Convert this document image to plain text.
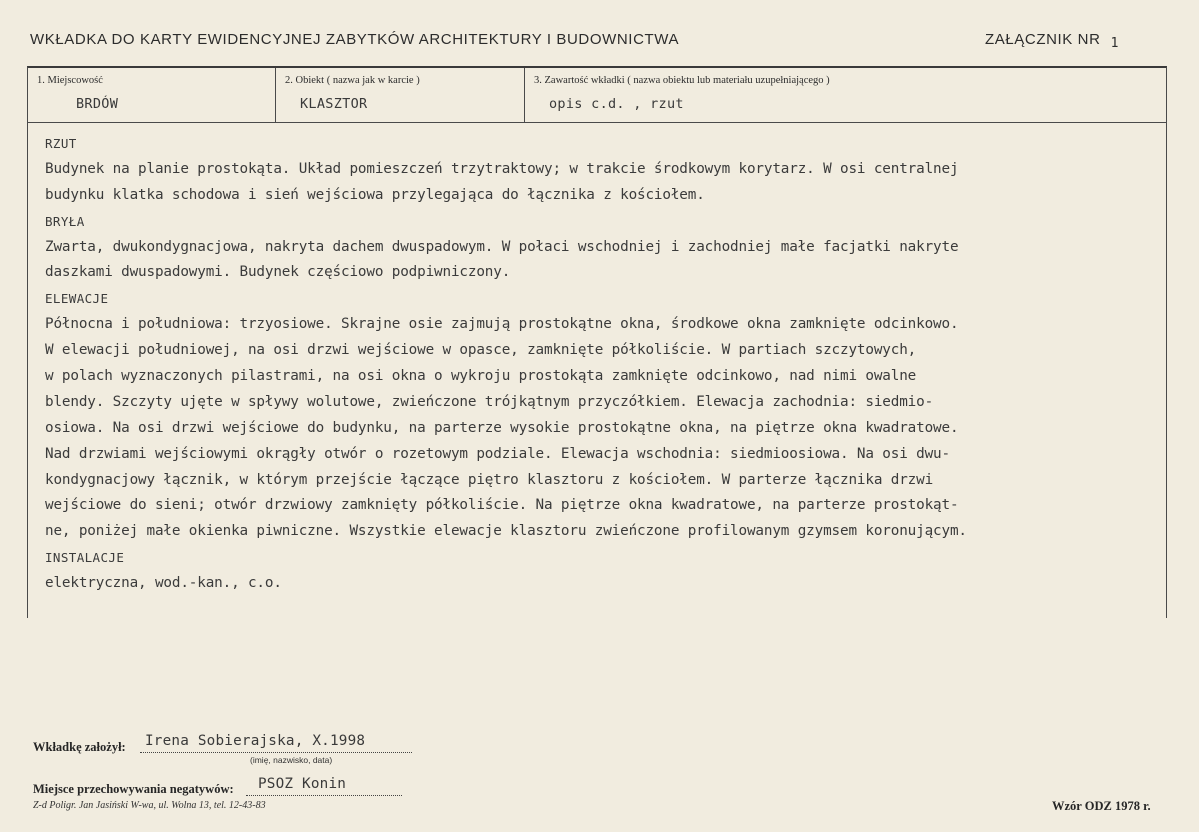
WKŁADKA DO KARTY EWIDENCYJNEJ ZABYTKÓW ARCHITEKTURY I BUDOWNICTWA	ZAŁĄCZNIK NR 1
1. Miejscowość
BRDÓW
2. Obiekt ( nazwa jak w karcie )
KLASZTOR
3. Zawartość wkładki ( nazwa obiektu lub materiału uzupełniającego )
opis c.d. , rzut
RZUT
Budynek na planie prostokąta. Układ pomieszczeń trzytraktowy; w trakcie środkowym korytarz. W osi centralnej
budynku klatka schodowa i sień wejściowa przylegająca do łącznika z kościołem.
BRYŁA
Zwarta, dwukondygnacjowa, nakryta dachem dwuspadowym. W połaci wschodniej i zachodniej małe facjatki nakryte
daszkami dwuspadowymi. Budynek częściowo podpiwniczony.
ELEWACJE
Północna i południowa: trzyosiowe. Skrajne osie zajmują prostokątne okna, środkowe okna zamknięte odcinkowo.
W elewacji południowej, na osi drzwi wejściowe w opasce, zamknięte półkoliście. W partiach szczytowych,
w polach wyznaczonych pilastrami, na osi okna o wykroju prostokąta zamknięte odcinkowo, nad nimi owalne
blendy. Szczyty ujęte w spływy wolutowe, zwieńczone trójkątnym przyczółkiem. Elewacja zachodnia: siedmio-
osiowa. Na osi drzwi wejściowe do budynku, na parterze wysokie prostokątne okna, na piętrze okna kwadratowe.
Nad drzwiami wejściowymi okrągły otwór o rozetowym podziale. Elewacja wschodnia: siedmioosiowa. Na osi dwu-
kondygnacjowy łącznik, w którym przejście łączące piętro klasztoru z kościołem. W parterze łącznika drzwi
wejściowe do sieni; otwór drzwiowy zamknięty półkoliście. Na piętrze okna kwadratowe, na parterze prostokąt-
ne, poniżej małe okienka piwniczne. Wszystkie elewacje klasztoru zwieńczone profilowanym gzymsem koronującym.
INSTALACJE
elektryczna, wod.-kan., c.o.
Wkładkę założył: Irena Sobierajska, X.1998
(imię, nazwisko, data)
Miejsce przechowywania negatywów: PSOZ Konin
Z-d Poligr. Jan Jasiński W-wa, ul. Wolna 13, tel. 12-43-83	Wzór ODZ 1978 r.
